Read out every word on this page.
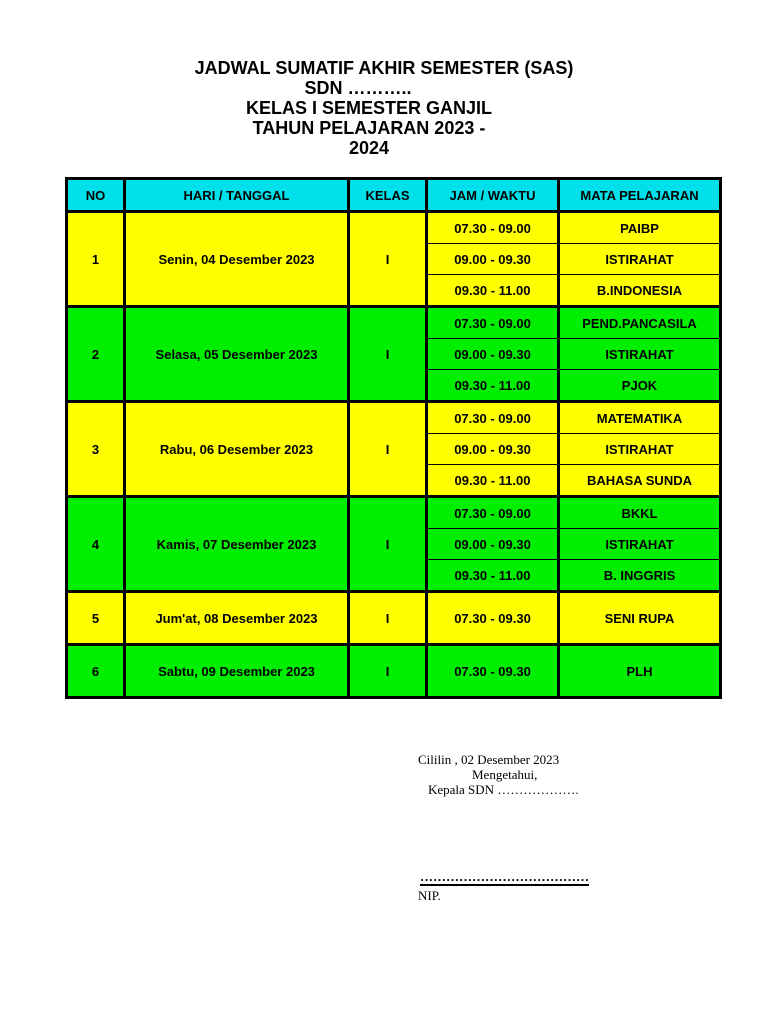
JADWAL SUMATIF AKHIR SEMESTER (SAS)
SDN ………..
KELAS I SEMESTER GANJIL
TAHUN PELAJARAN 2023 -
2024
NO	HARI / TANGGAL	KELAS	JAM / WAKTU	MATA PELAJARAN
1	Senin, 04 Desember 2023	I	07.30 - 09.00	PAIBP
			09.00 - 09.30	ISTIRAHAT
			09.30 - 11.00	B.INDONESIA
2	Selasa, 05 Desember 2023	I	07.30 - 09.00	PEND.PANCASILA
			09.00 - 09.30	ISTIRAHAT
			09.30 - 11.00	PJOK
3	Rabu, 06 Desember 2023	I	07.30 - 09.00	MATEMATIKA
			09.00 - 09.30	ISTIRAHAT
			09.30 - 11.00	BAHASA SUNDA
4	Kamis, 07 Desember 2023	I	07.30 - 09.00	BKKL
			09.00 - 09.30	ISTIRAHAT
			09.30 - 11.00	B. INGGRIS
5	Jum'at, 08 Desember 2023	I	07.30 - 09.30	SENI RUPA
6	Sabtu, 09 Desember 2023	I	07.30 - 09.30	PLH
Cililin , 02 Desember 2023
Mengetahui,
Kepala SDN ……………….
…………………………………
NIP.
